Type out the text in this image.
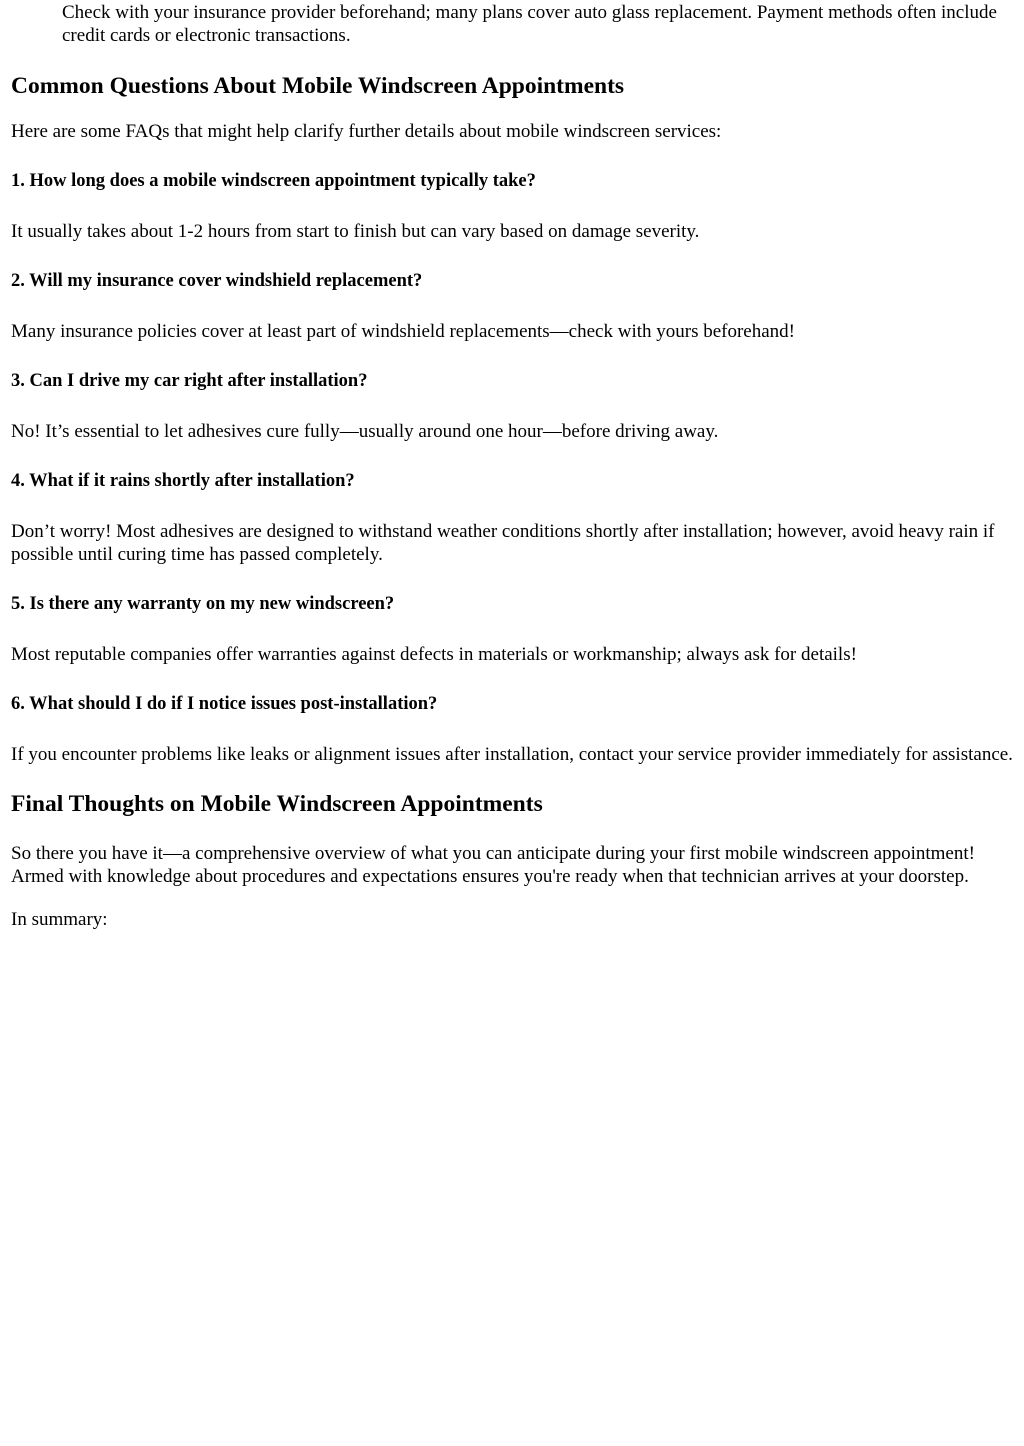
Check with your insurance provider beforehand; many plans cover auto glass replacement. Payment methods often include credit cards or electronic transactions.

Common Questions About Mobile Windscreen Appointments

Here are some FAQs that might help clarify further details about mobile windscreen services:

1. How long does a mobile windscreen appointment typically take?

It usually takes about 1-2 hours from start to finish but can vary based on damage severity.

2. Will my insurance cover windshield replacement?

Many insurance policies cover at least part of windshield replacements—check with yours beforehand!

3. Can I drive my car right after installation?

No! It’s essential to let adhesives cure fully—usually around one hour—before driving away.

4. What if it rains shortly after installation?

Don’t worry! Most adhesives are designed to withstand weather conditions shortly after installation; however, avoid heavy rain if possible until curing time has passed completely.

5. Is there any warranty on my new windscreen?

Most reputable companies offer warranties against defects in materials or workmanship; always ask for details!

6. What should I do if I notice issues post-installation?

If you encounter problems like leaks or alignment issues after installation, contact your service provider immediately for assistance.

Final Thoughts on Mobile Windscreen Appointments

So there you have it—a comprehensive overview of what you can anticipate during your first mobile windscreen appointment! Armed with knowledge about procedures and expectations ensures you're ready when that technician arrives at your doorstep.

In summary:
